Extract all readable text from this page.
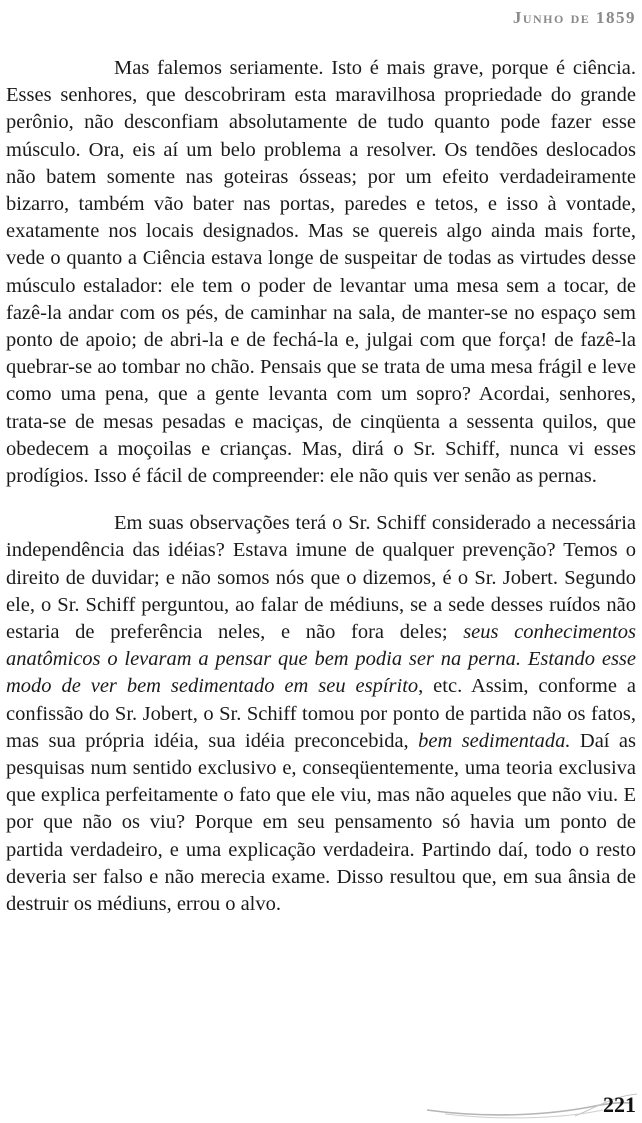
Junho de 1859

Mas falemos seriamente. Isto é mais grave, porque é ciência. Esses senhores, que descobriram esta maravilhosa propriedade do grande perônio, não desconfiam absolutamente de tudo quanto pode fazer esse músculo. Ora, eis aí um belo problema a resolver. Os tendões deslocados não batem somente nas goteiras ósseas; por um efeito verdadeiramente bizarro, também vão bater nas portas, paredes e tetos, e isso à vontade, exatamente nos locais designados. Mas se quereis algo ainda mais forte, vede o quanto a Ciência estava longe de suspeitar de todas as virtudes desse músculo estalador: ele tem o poder de levantar uma mesa sem a tocar, de fazê-la andar com os pés, de caminhar na sala, de manter-se no espaço sem ponto de apoio; de abri-la e de fechá-la e, julgai com que força! de fazê-la quebrar-se ao tombar no chão. Pensais que se trata de uma mesa frágil e leve como uma pena, que a gente levanta com um sopro? Acordai, senhores, trata-se de mesas pesadas e maciças, de cinqüenta a sessenta quilos, que obedecem a moçoilas e crianças. Mas, dirá o Sr. Schiff, nunca vi esses prodígios. Isso é fácil de compreender: ele não quis ver senão as pernas.

Em suas observações terá o Sr. Schiff considerado a necessária independência das idéias? Estava imune de qualquer prevenção? Temos o direito de duvidar; e não somos nós que o dizemos, é o Sr. Jobert. Segundo ele, o Sr. Schiff perguntou, ao falar de médiuns, se a sede desses ruídos não estaria de preferência neles, e não fora deles; seus conhecimentos anatômicos o levaram a pensar que bem podia ser na perna. Estando esse modo de ver bem sedimentado em seu espírito, etc. Assim, conforme a confissão do Sr. Jobert, o Sr. Schiff tomou por ponto de partida não os fatos, mas sua própria idéia, sua idéia preconcebida, bem sedimentada. Daí as pesquisas num sentido exclusivo e, conseqüentemente, uma teoria exclusiva que explica perfeitamente o fato que ele viu, mas não aqueles que não viu. E por que não os viu? Porque em seu pensamento só havia um ponto de partida verdadeiro, e uma explicação verdadeira. Partindo daí, todo o resto deveria ser falso e não merecia exame. Disso resultou que, em sua ânsia de destruir os médiuns, errou o alvo.

221
